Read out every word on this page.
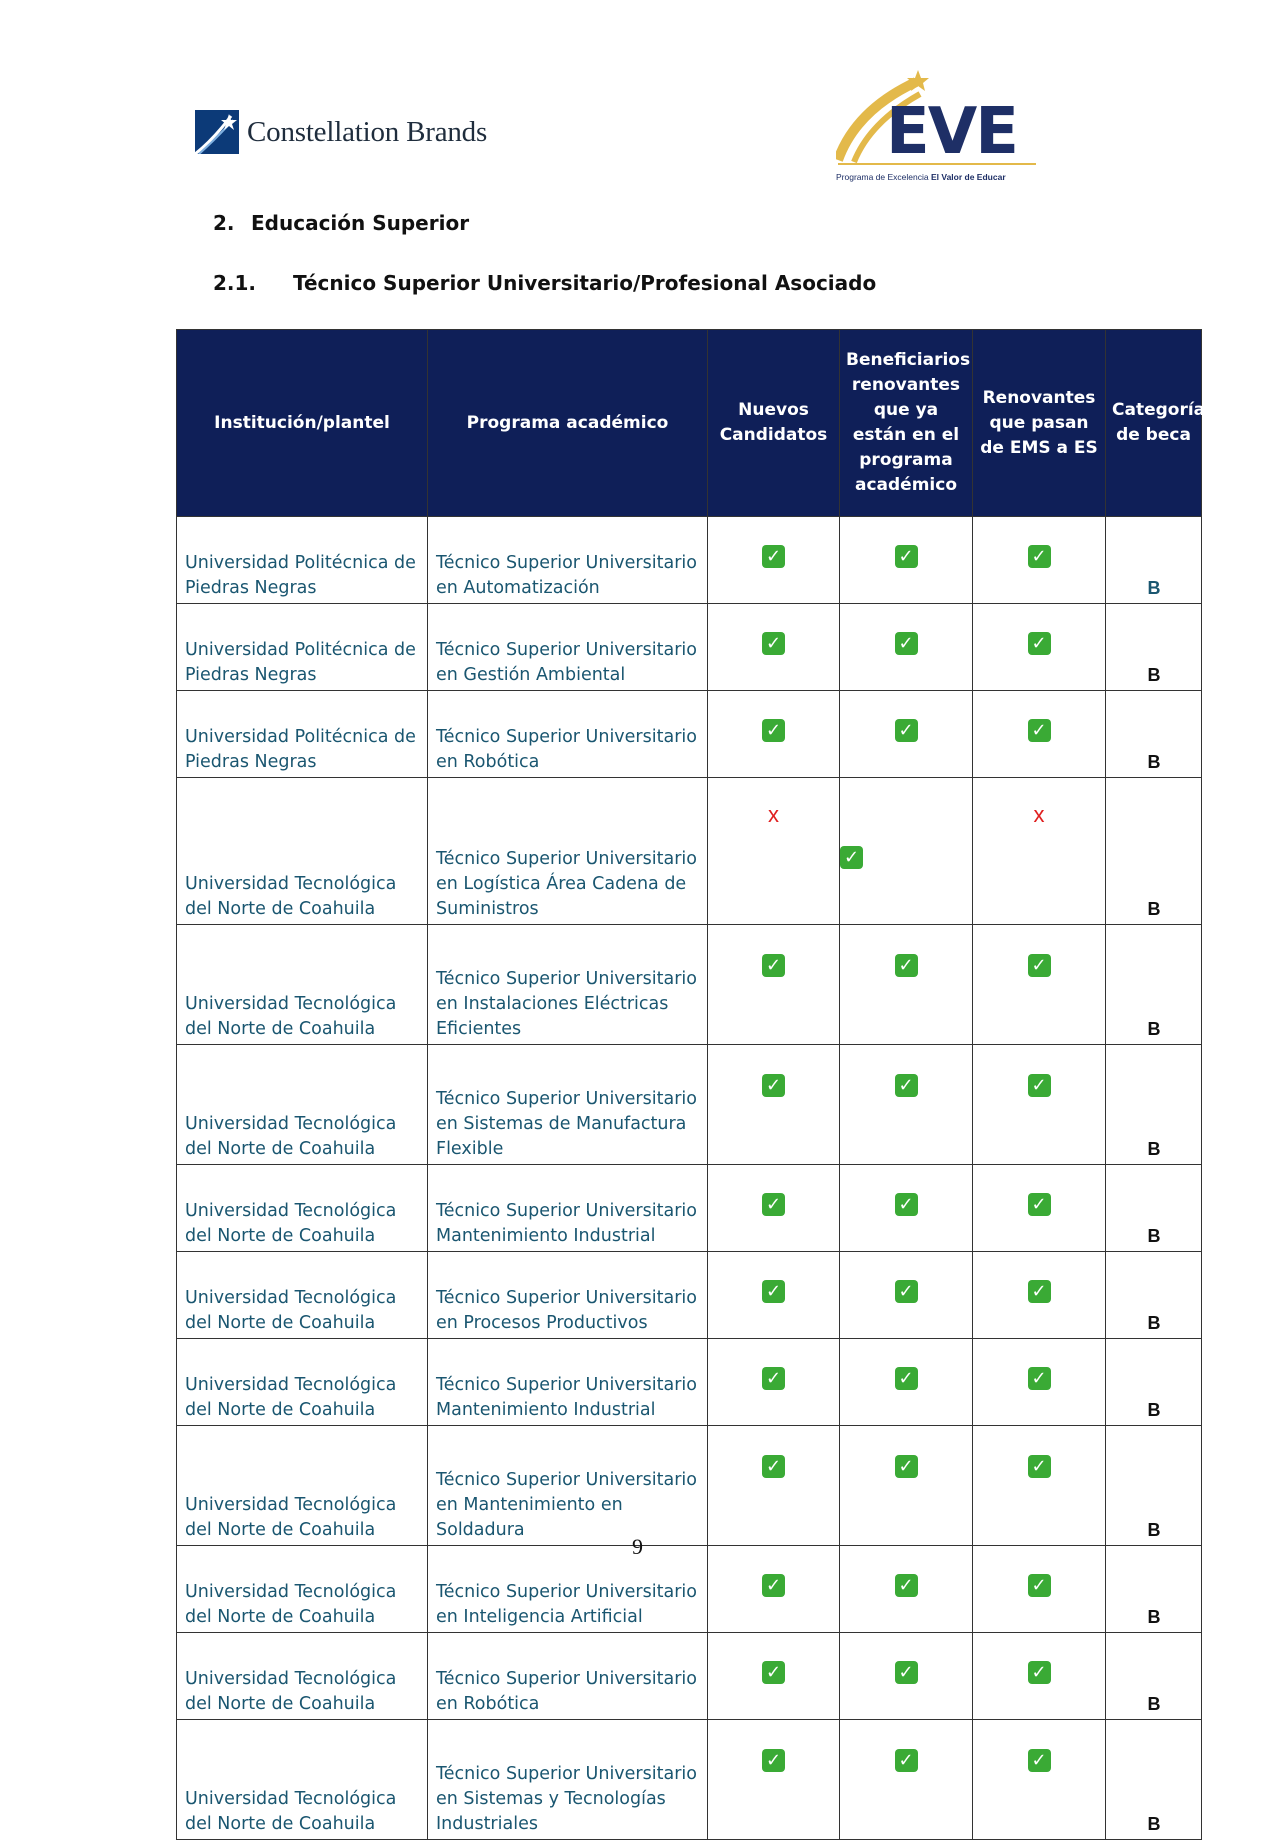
Constellation Brands	EVE
Programa de Excelencia El Valor de Educar
2. Educación Superior
2.1. Técnico Superior Universitario/Profesional Asociado
Institución/plantel	Programa académico	Nuevos Candidatos	Beneficiarios renovantes que ya están en el programa académico	Renovantes que pasan de EMS a ES	Categoría de beca
Universidad Politécnica de Piedras Negras	Técnico Superior Universitario en Automatización	✓	✓	✓	B
Universidad Politécnica de Piedras Negras	Técnico Superior Universitario en Gestión Ambiental	✓	✓	✓	B
Universidad Politécnica de Piedras Negras	Técnico Superior Universitario en Robótica	✓	✓	✓	B
Universidad Tecnológica del Norte de Coahuila	Técnico Superior Universitario en Logística Área Cadena de Suministros	x	✓	x	B
Universidad Tecnológica del Norte de Coahuila	Técnico Superior Universitario en Instalaciones Eléctricas Eficientes	✓	✓	✓	B
Universidad Tecnológica del Norte de Coahuila	Técnico Superior Universitario en Sistemas de Manufactura Flexible	✓	✓	✓	B
Universidad Tecnológica del Norte de Coahuila	Técnico Superior Universitario Mantenimiento Industrial	✓	✓	✓	B
Universidad Tecnológica del Norte de Coahuila	Técnico Superior Universitario en Procesos Productivos	✓	✓	✓	B
Universidad Tecnológica del Norte de Coahuila	Técnico Superior Universitario Mantenimiento Industrial	✓	✓	✓	B
Universidad Tecnológica del Norte de Coahuila	Técnico Superior Universitario en Mantenimiento en Soldadura	✓	✓	✓	B
Universidad Tecnológica del Norte de Coahuila	Técnico Superior Universitario en Inteligencia Artificial	✓	✓	✓	B
Universidad Tecnológica del Norte de Coahuila	Técnico Superior Universitario en Robótica	✓	✓	✓	B
Universidad Tecnológica del Norte de Coahuila	Técnico Superior Universitario en Sistemas y Tecnologías Industriales	✓	✓	✓	B
9
